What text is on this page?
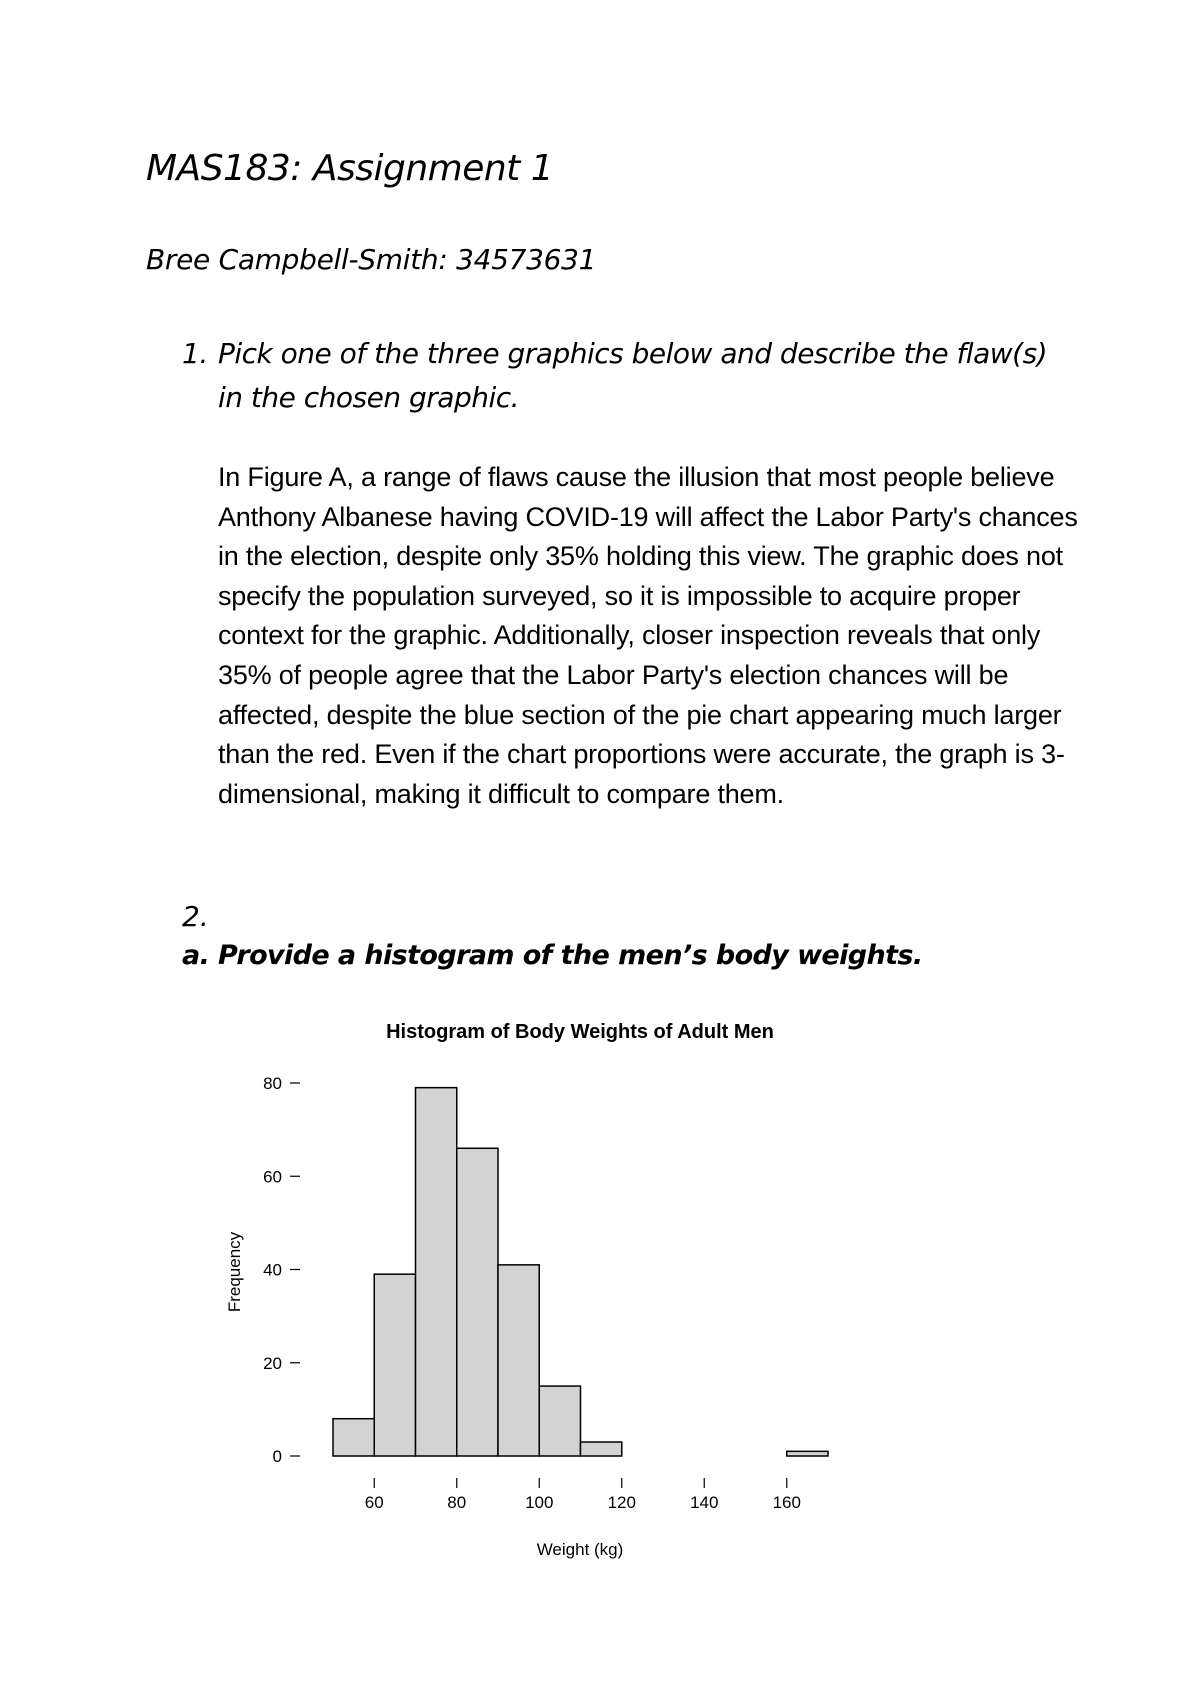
MAS183: Assignment 1
Bree Campbell-Smith: 34573631
1. Pick one of the three graphics below and describe the flaw(s) in the chosen graphic.

In Figure A, a range of flaws cause the illusion that most people believe Anthony Albanese having COVID-19 will affect the Labor Party's chances in the election, despite only 35% holding this view. The graphic does not specify the population surveyed, so it is impossible to acquire proper context for the graphic. Additionally, closer inspection reveals that only 35% of people agree that the Labor Party's election chances will be affected, despite the blue section of the pie chart appearing much larger than the red. Even if the chart proportions were accurate, the graph is 3-dimensional, making it difficult to compare them.

2.
a. Provide a histogram of the men’s body weights.
Histogram of Body Weights of Adult Men
Frequency
Weight (kg)
0
20
40
60
80
60	80	100	120	140	160
